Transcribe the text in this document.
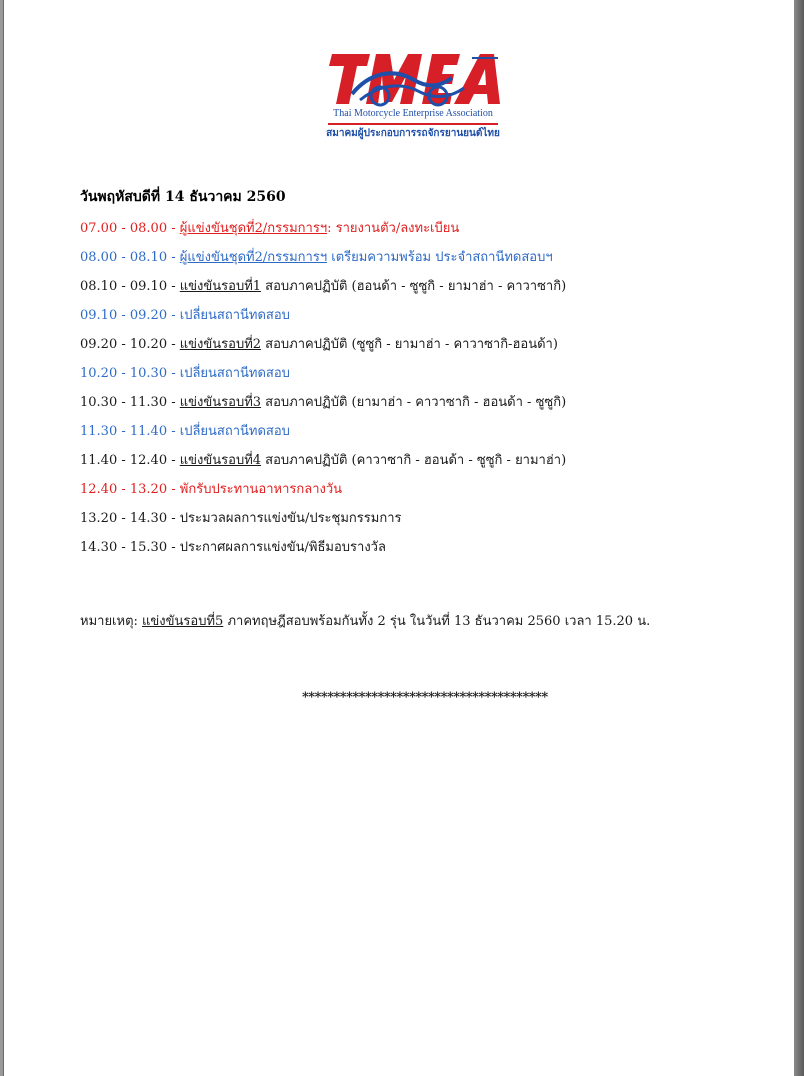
Thai Motorcycle Enterprise Association
สมาคมผู้ประกอบการรถจักรยานยนต์ไทย
วันพฤหัสบดีที่ 14 ธันวาคม 2560
07.00 - 08.00 - ผู้แข่งขันชุดที่2/กรรมการฯ: รายงานตัว/ลงทะเบียน
08.00 - 08.10 - ผู้แข่งขันชุดที่2/กรรมการฯ เตรียมความพร้อม ประจำสถานีทดสอบฯ
08.10 - 09.10 - แข่งขันรอบที่1 สอบภาคปฏิบัติ (ฮอนด้า - ซูซูกิ - ยามาฮ่า - คาวาซากิ)
09.10 - 09.20 - เปลี่ยนสถานีทดสอบ
09.20 - 10.20 - แข่งขันรอบที่2 สอบภาคปฏิบัติ (ซูซูกิ - ยามาฮ่า - คาวาซากิ-ฮอนด้า)
10.20 - 10.30 - เปลี่ยนสถานีทดสอบ
10.30 - 11.30 - แข่งขันรอบที่3 สอบภาคปฏิบัติ (ยามาฮ่า - คาวาซากิ - ฮอนด้า - ซูซูกิ)
11.30 - 11.40 - เปลี่ยนสถานีทดสอบ
11.40 - 12.40 - แข่งขันรอบที่4 สอบภาคปฏิบัติ (คาวาซากิ - ฮอนด้า - ซูซูกิ - ยามาฮ่า)
12.40 - 13.20 - พักรับประทานอาหารกลางวัน
13.20 - 14.30 - ประมวลผลการแข่งขัน/ประชุมกรรมการ
14.30 - 15.30 - ประกาศผลการแข่งขัน/พิธีมอบรางวัล
หมายเหตุ: แข่งขันรอบที่5 ภาคทฤษฎีสอบพร้อมกันทั้ง 2 รุ่น ในวันที่ 13 ธันวาคม 2560 เวลา 15.20 น.
***************************************
